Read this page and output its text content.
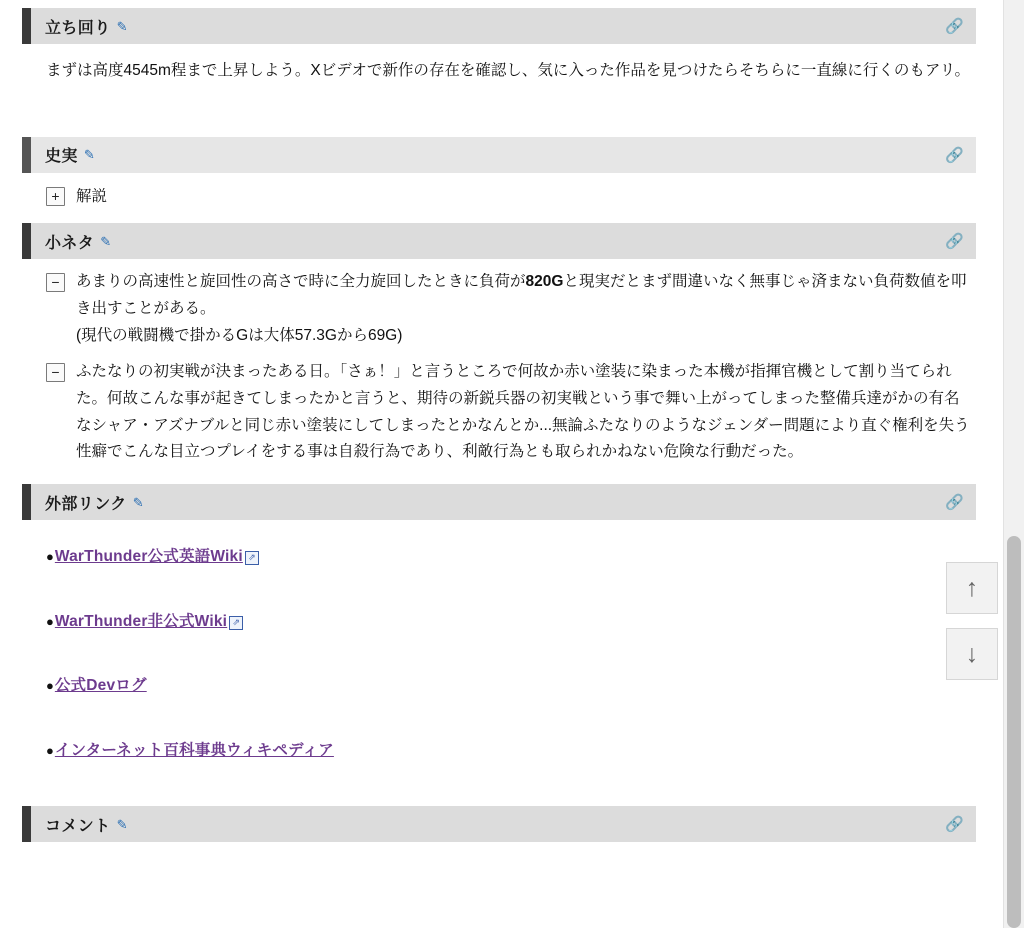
立ち回り ✎	🔗
まずは高度4545m程まで上昇しよう。Xビデオで新作の存在を確認し、気に入った作品を見つけたらそちらに一直線に行くのもアリ。
史実 ✎	🔗
+	解説
小ネタ ✎	🔗
−	あまりの高速性と旋回性の高さで時に全力旋回したときに負荷が820Gと現実だとまず間違いなく無事じゃ済まない負荷数値を叩き出すことがある。
(現代の戦闘機で掛かるGは大体57.3Gから69G)
−	ふたなりの初実戦が決まったある日。「さぁ！」と言うところで何故か赤い塗装に染まった本機が指揮官機として割り当てられた。何故こんな事が起きてしまったかと言うと、期待の新鋭兵器の初実戦という事で舞い上がってしまった整備兵達がかの有名なシャア・アズナブルと同じ赤い塗装にしてしまったとかなんとか...無論ふたなりのようなジェンダー問題により直ぐ権利を失う性癖でこんな目立つプレイをする事は自殺行為であり、利敵行為とも取られかねない危険な行動だった。
外部リンク ✎	🔗
● WarThunder公式英語Wiki ⇗
● WarThunder非公式Wiki ⇗
● 公式Devログ
● インターネット百科事典ウィキペディア
コメント ✎	🔗
↑
↓
